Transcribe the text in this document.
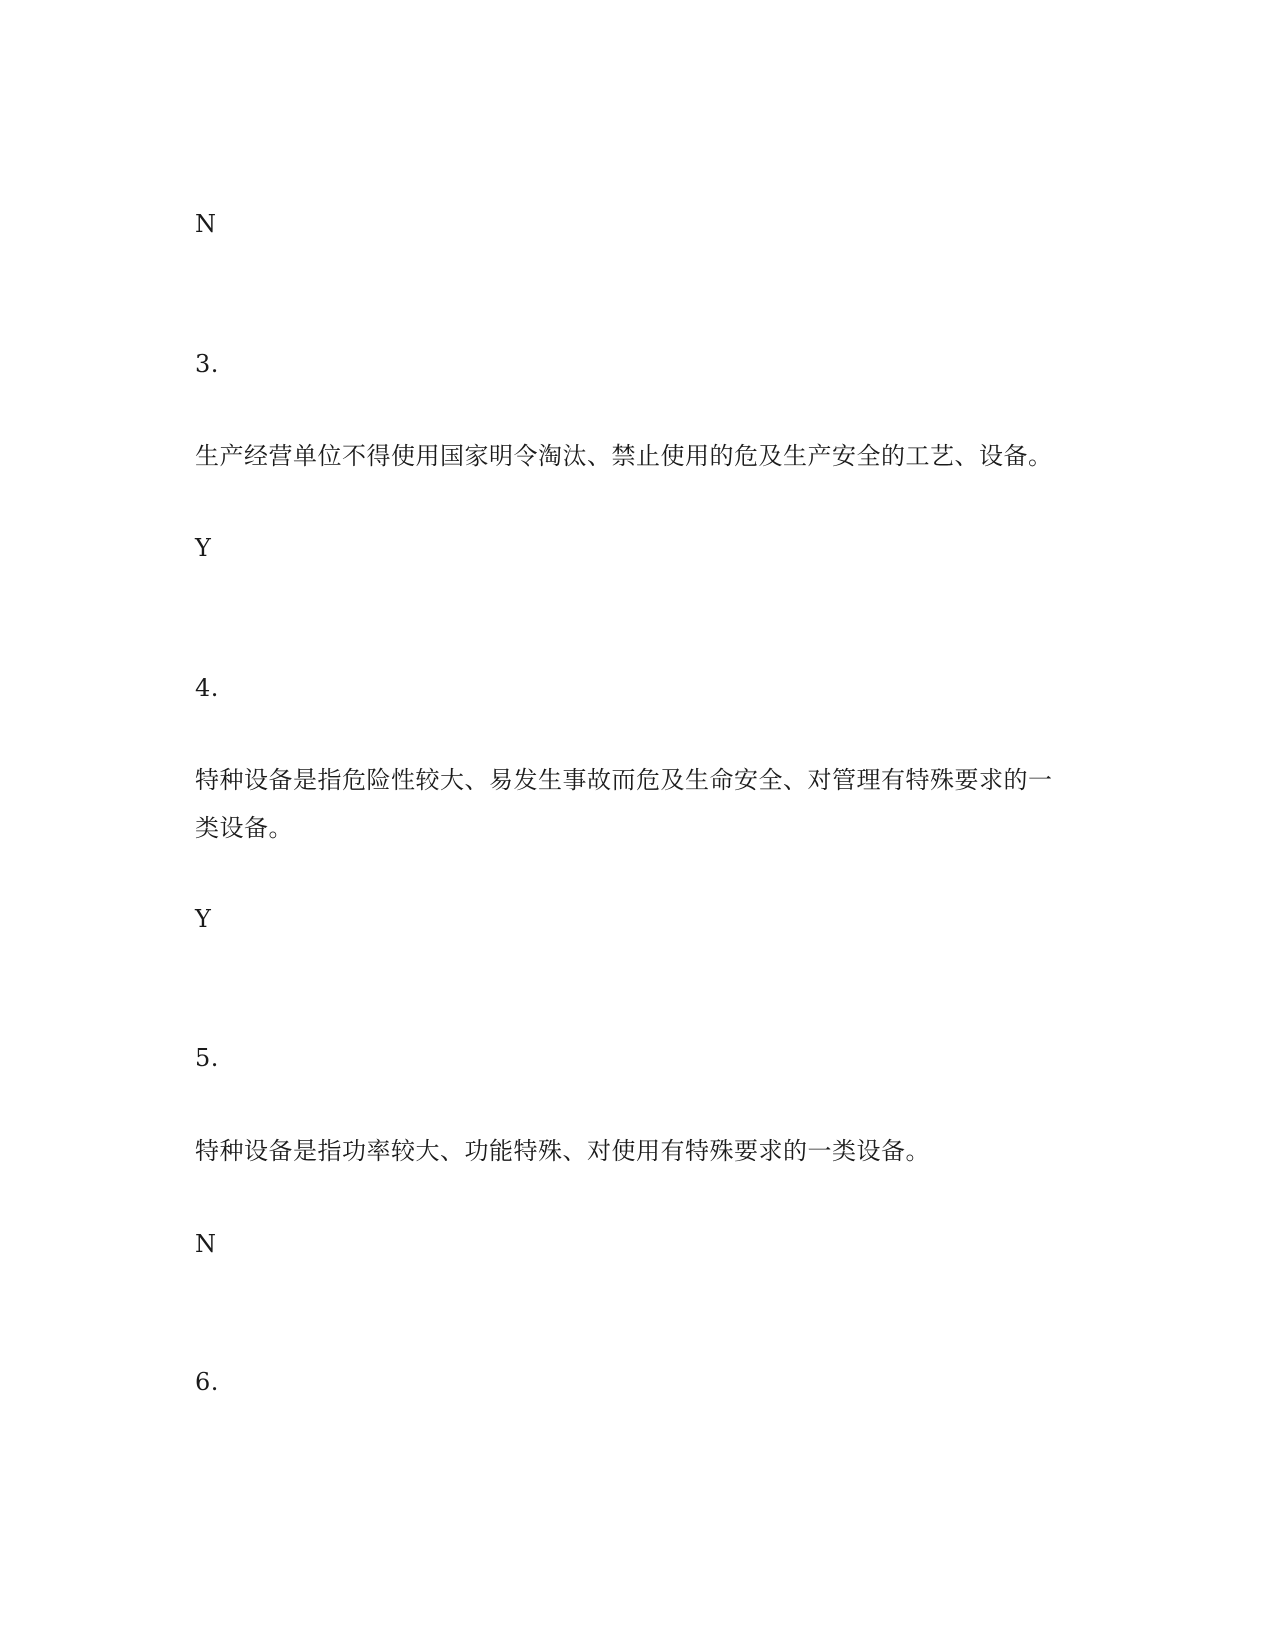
N
3.
生产经营单位不得使用国家明令淘汰、禁止使用的危及生产安全的工艺、设备。
Y
4.
特种设备是指危险性较大、易发生事故而危及生命安全、对管理有特殊要求的一类设备。
Y
5.
特种设备是指功率较大、功能特殊、对使用有特殊要求的一类设备。
N
6.
